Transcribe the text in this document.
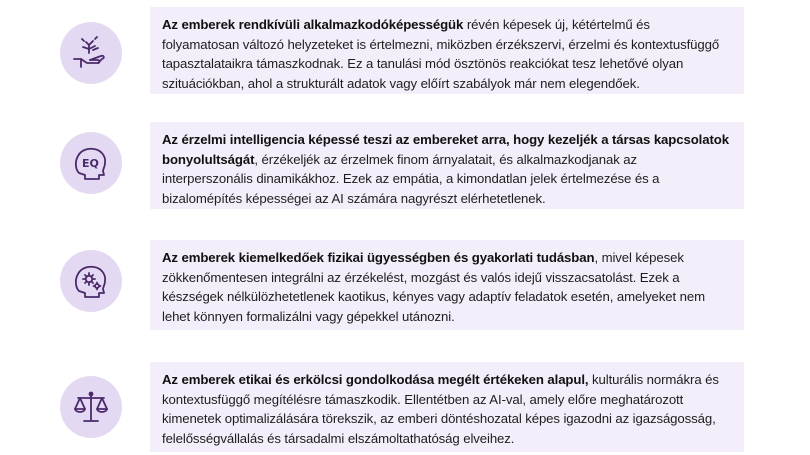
Az emberek rendkívüli alkalmazkodóképességük révén képesek új, kétértelmű és folyamatosan változó helyzeteket is értelmezni, miközben érzékszervi, érzelmi és kontextusfüggő tapasztalataikra támaszkodnak. Ez a tanulási mód ösztönös reakciókat tesz lehetővé olyan szituációkban, ahol a strukturált adatok vagy előírt szabályok már nem elegendőek.
EQ
Az érzelmi intelligencia képessé teszi az embereket arra, hogy kezeljék a társas kapcsolatok bonyolultságát, érzékeljék az érzelmek finom árnyalatait, és alkalmazkodjanak az interperszonális dinamikákhoz. Ezek az empátia, a kimondatlan jelek értelmezése és a bizalomépítés képességei az AI számára nagyrészt elérhetetlenek.
Az emberek kiemelkedőek fizikai ügyességben és gyakorlati tudásban, mivel képesek zökkenőmentesen integrálni az érzékelést, mozgást és valós idejű visszacsatolást. Ezek a készségek nélkülözhetetlenek kaotikus, kényes vagy adaptív feladatok esetén, amelyeket nem lehet könnyen formalizálni vagy gépekkel utánozni.
Az emberek etikai és erkölcsi gondolkodása megélt értékeken alapul, kulturális normákra és kontextusfüggő megítélésre támaszkodik. Ellentétben az AI-val, amely előre meghatározott kimenetek optimalizálására törekszik, az emberi döntéshozatal képes igazodni az igazságosság, felelősségvállalás és társadalmi elszámoltathatóság elveihez.
